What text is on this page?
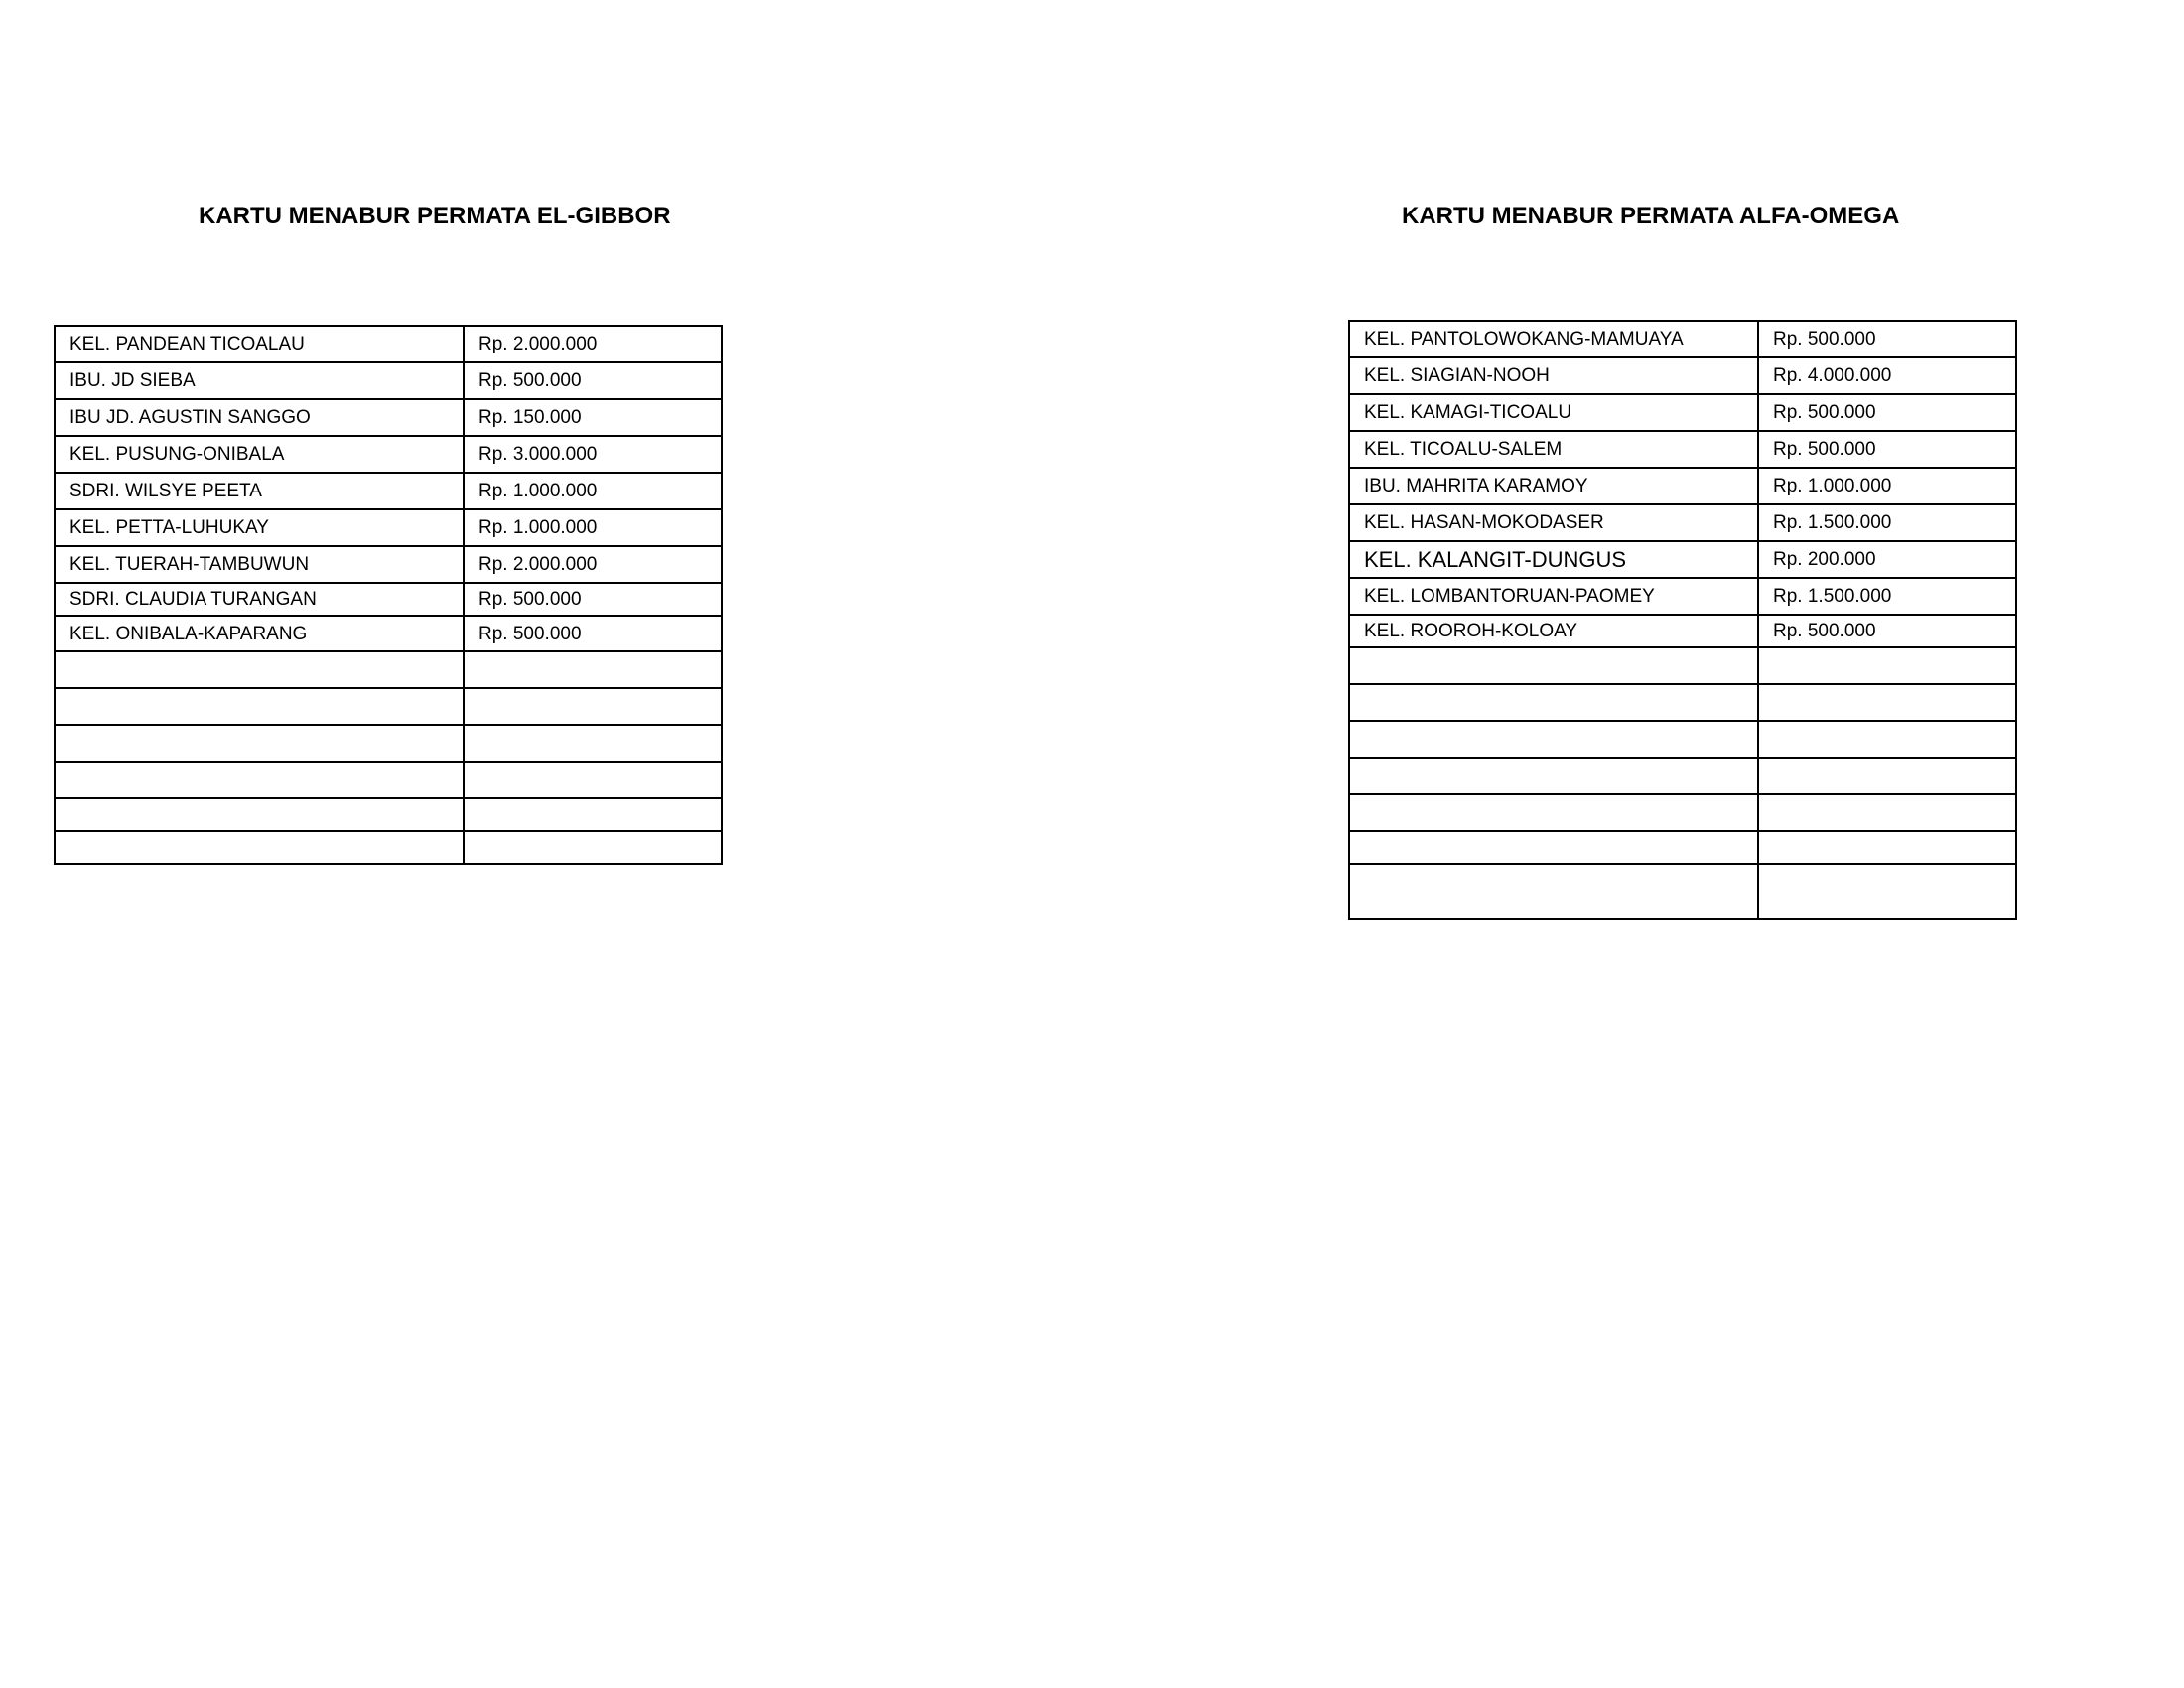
KARTU MENABUR PERMATA EL-GIBBOR
KEL. PANDEAN TICOALAU	Rp. 2.000.000
IBU. JD SIEBA	Rp. 500.000
IBU JD. AGUSTIN SANGGO	Rp. 150.000
KEL. PUSUNG-ONIBALA	Rp. 3.000.000
SDRI. WILSYE PEETA	Rp. 1.000.000
KEL. PETTA-LUHUKAY	Rp. 1.000.000
KEL. TUERAH-TAMBUWUN	Rp. 2.000.000
SDRI. CLAUDIA TURANGAN	Rp. 500.000
KEL. ONIBALA-KAPARANG	Rp. 500.000

KARTU MENABUR PERMATA ALFA-OMEGA
KEL. PANTOLOWOKANG-MAMUAYA	Rp. 500.000
KEL. SIAGIAN-NOOH	Rp. 4.000.000
KEL. KAMAGI-TICOALU	Rp. 500.000
KEL. TICOALU-SALEM	Rp. 500.000
IBU. MAHRITA KARAMOY	Rp. 1.000.000
KEL. HASAN-MOKODASER	Rp. 1.500.000
KEL. KALANGIT-DUNGUS	Rp. 200.000
KEL. LOMBANTORUAN-PAOMEY	Rp. 1.500.000
KEL. ROOROH-KOLOAY	Rp. 500.000
